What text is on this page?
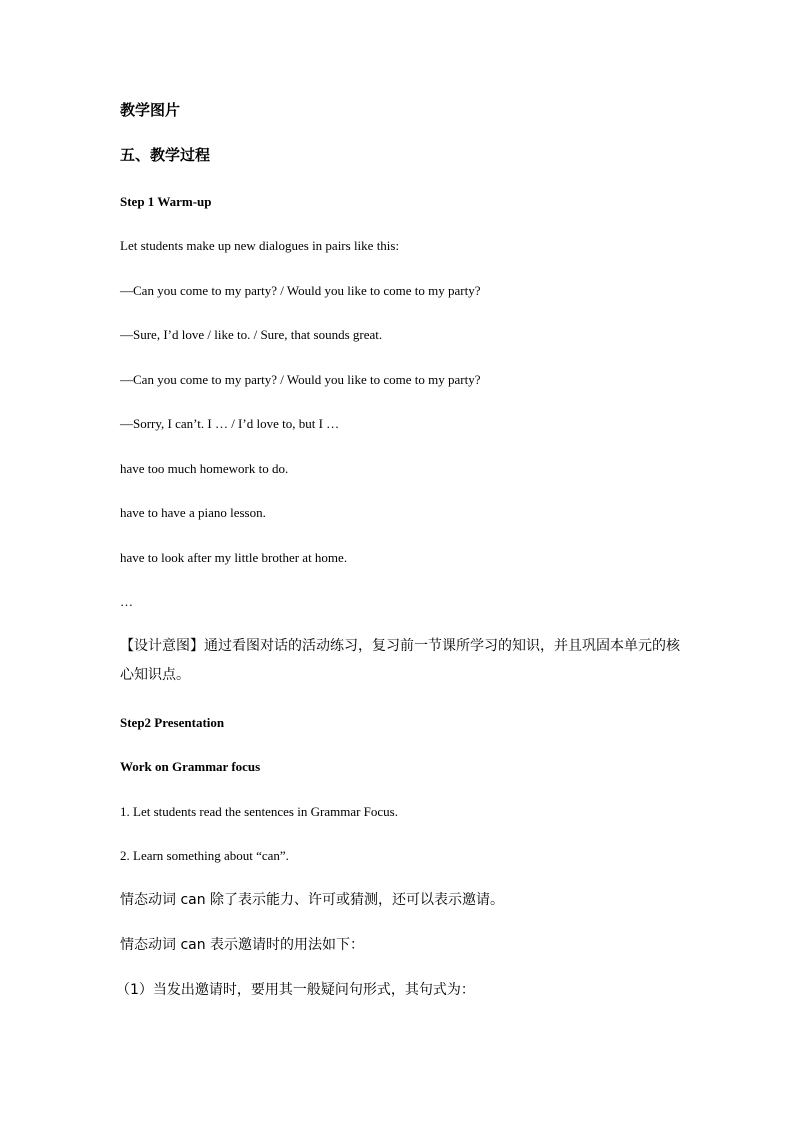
教学图片
五、教学过程
Step 1 Warm-up
Let students make up new dialogues in pairs like this:
—Can you come to my party? / Would you like to come to my party?
—Sure, I’d love / like to. / Sure, that sounds great.
—Can you come to my party? / Would you like to come to my party?
—Sorry, I can’t. I … / I’d love to, but I …
have too much homework to do.
have to have a piano lesson.
have to look after my little brother at home.
…
【设计意图】通过看图对话的活动练习，复习前一节课所学习的知识，并且巩固本单元的核心知识点。
Step2 Presentation
Work on Grammar focus
1. Let students read the sentences in Grammar Focus.
2. Learn something about “can”.
情态动词 can 除了表示能力、许可或猜测，还可以表示邀请。
情态动词 can 表示邀请时的用法如下：
（1）当发出邀请时，要用其一般疑问句形式，其句式为：
